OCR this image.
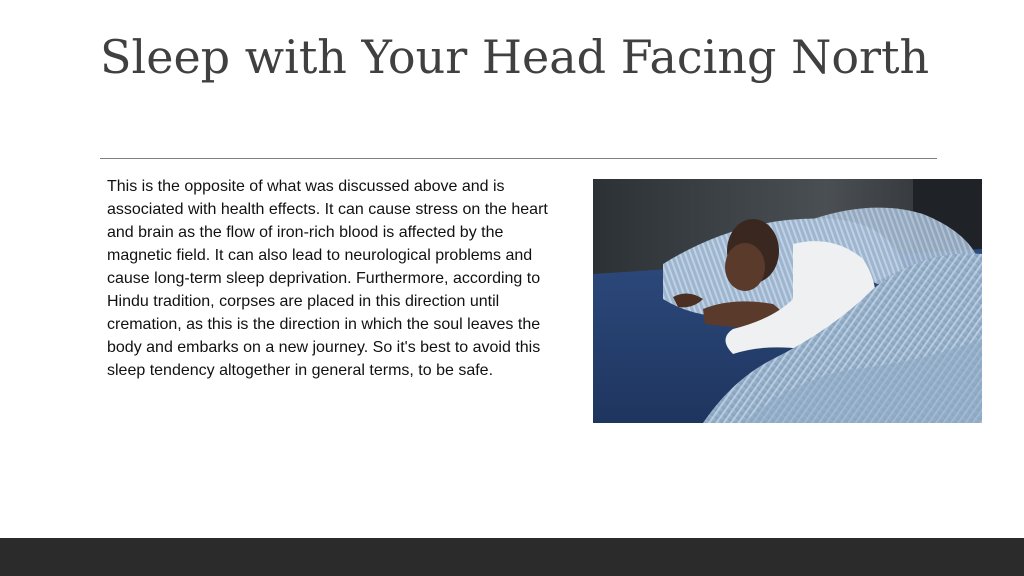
Sleep with Your Head Facing North

This is the opposite of what was discussed above and is associated with health effects. It can cause stress on the heart and brain as the flow of iron-rich blood is affected by the magnetic field. It can also lead to neurological problems and cause long-term sleep deprivation. Furthermore, according to Hindu tradition, corpses are placed in this direction until cremation, as this is the direction in which the soul leaves the body and embarks on a new journey. So it's best to avoid this sleep tendency altogether in general terms, to be safe.
